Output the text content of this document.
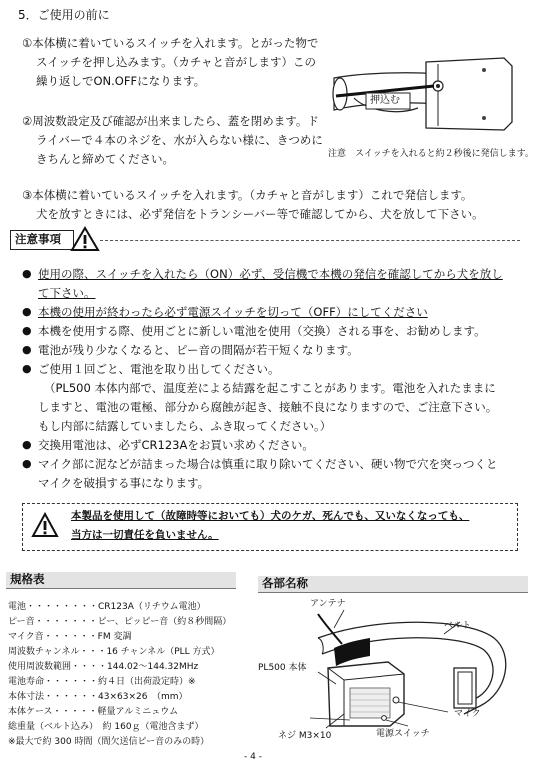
5．ご使用の前に
①本体横に着いているスイッチを入れます。とがった物で
スイッチを押し込みます。（カチャと音がします）この
繰り返しでON.OFFになります。
②周波数設定及び確認が出来ましたら、蓋を閉めます。ド
ライバーで４本のネジを、水が入らない様に、きつめに
きちんと締めてください。
押込む
注意　スイッチを入れると約２秒後に発信します。
③本体横に着いているスイッチを入れます。（カチャと音がします）これで発信します。
犬を放すときには、必ず発信をトランシーバー等で確認してから、犬を放して下さい。
注意事項
● 使用の際、スイッチを入れたら（ON）必ず、受信機で本機の発信を確認してから犬を放し
て下さい。
● 本機の使用が終わったら必ず電源スイッチを切って（OFF）にしてください
● 本機を使用する際、使用ごとに新しい電池を使用（交換）される事を、お勧めします。
● 電池が残り少なくなると、ピー音の間隔が若干短くなります。
● ご使用１回ごと、電池を取り出してください。
（PL500 本体内部で、温度差による結露を起こすことがあります。電池を入れたままに
しますと、電池の電極、部分から腐蝕が起き、接触不良になりますので、ご注意下さい。
もし内部に結露していましたら、ふき取ってください。）
● 交換用電池は、必ずCR123Aをお買い求めください。
● マイク部に泥などが詰まった場合は慎重に取り除いてください、硬い物で穴を突っつくと
マイクを破損する事になります。
本製品を使用して（故障時等においても）犬のケガ、死んでも、又いなくなっても、
当方は一切責任を負いません。
規格表
電池・・・・・・・・CR123A（リチウム電池）
ピー音・・・・・・・ピー、ピッピー音（約８秒間隔）
マイク音・・・・・・FM 変調
周波数チャンネル・・・16 チャンネル（PLL 方式）
使用周波数範囲・・・・144.02〜144.32MHz
電池寿命・・・・・・約４日（出荷設定時）※
本体寸法・・・・・・43×63×26　（mm）
本体ケース・・・・・軽量アルミニュウム
総重量（ベルト込み）　約 160ｇ（電池含まず）
※最大で約 300 時間（間欠送信ピー音のみの時）
各部名称
アンテナ
ベルト
PL500 本体
マイク
ネジ M3×10	電源スイッチ
- 4 -
